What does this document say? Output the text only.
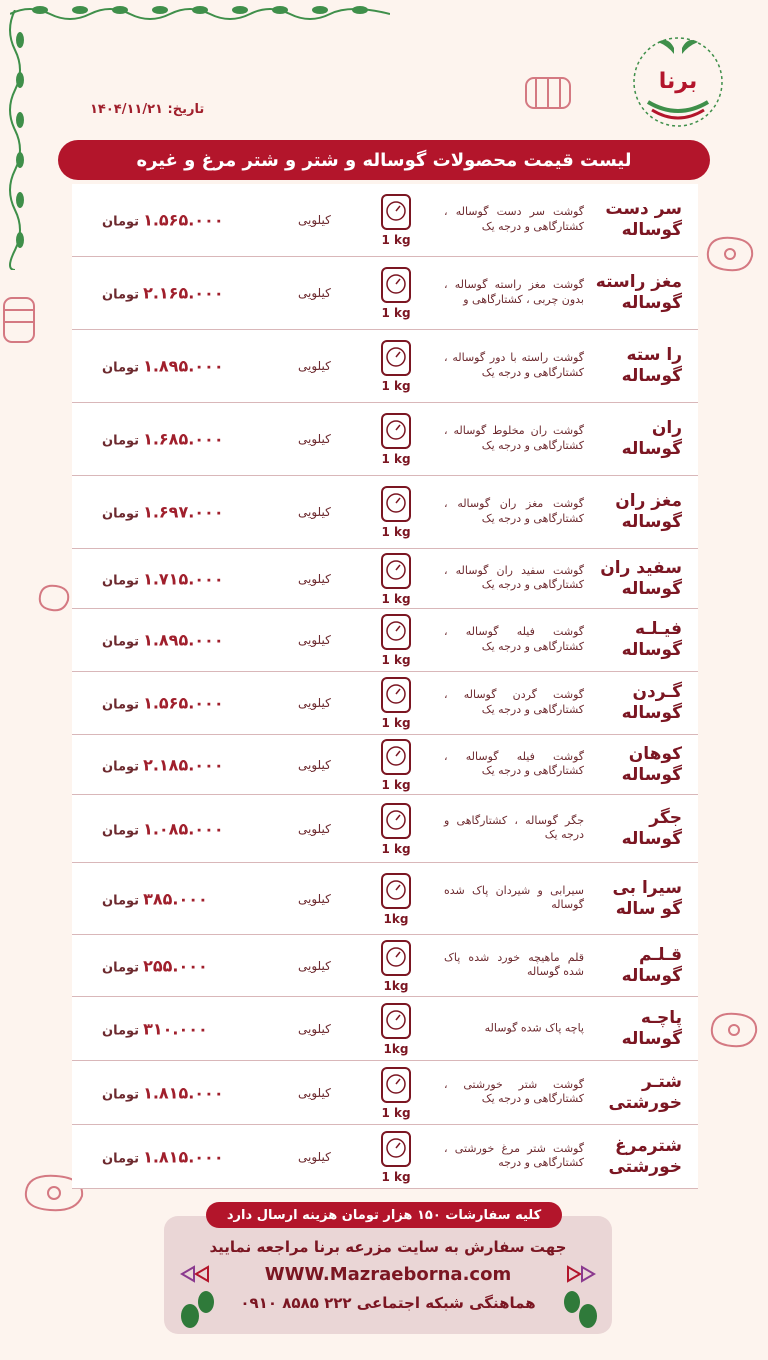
برنا
تاریخ: ۱۴۰۴/۱۱/۲۱
لیست قیمت محصولات گوساله و شتر و شتر مرغ و غیره
سر دست
گوساله
گوشت سر دست گوساله ، کشتارگاهی و درجه یک
1 kg
کیلویی
۱.۵۶۵.۰۰۰تومان
مغز راسته
گوساله
گوشت مغز راسته گوساله ، بدون چربی ، کشتارگاهی و
1 kg
کیلویی
۲.۱۶۵.۰۰۰تومان
را سته
گوساله
گوشت راسته با دور گوساله ، کشتارگاهی و درجه یک
1 kg
کیلویی
۱.۸۹۵.۰۰۰تومان
ران
گوساله
گوشت ران مخلوط گوساله ، کشتارگاهی و درجه یک
1 kg
کیلویی
۱.۶۸۵.۰۰۰تومان
مغز ران
گوساله
گوشت مغز ران گوساله ، کشتارگاهی و درجه یک
1 kg
کیلویی
۱.۶۹۷.۰۰۰تومان
سفید ران
گوساله
گوشت سفید ران گوساله ، کشتارگاهی و درجه یک
1 kg
کیلویی
۱.۷۱۵.۰۰۰تومان
فیـلـه
گوساله
گوشت فیله گوساله ، کشتارگاهی و درجه یک
1 kg
کیلویی
۱.۸۹۵.۰۰۰تومان
گـردن
گوساله
گوشت گردن گوساله ، کشتارگاهی و درجه یک
1 kg
کیلویی
۱.۵۶۵.۰۰۰تومان
کوهان
گوساله
گوشت فیله گوساله ، کشتارگاهی و درجه یک
1 kg
کیلویی
۲.۱۸۵.۰۰۰تومان
جگر
گوساله
جگر گوساله ، کشتارگاهی و درجه یک
1 kg
کیلویی
۱.۰۸۵.۰۰۰تومان
سیرا بی
گو ساله
سیرابی و شیردان پاک شده گوساله
1kg
کیلویی
۳۸۵.۰۰۰تومان
قـلـم
گوساله
قلم ماهیچه خورد شده پاک شده گوساله
1kg
کیلویی
۲۵۵.۰۰۰تومان
پاچـه
گوساله
پاچه پاک شده گوساله
1kg
کیلویی
۳۱۰.۰۰۰تومان
شتـر
خورشتی
گوشت شتر خورشتی ، کشتارگاهی و درجه یک
1 kg
کیلویی
۱.۸۱۵.۰۰۰تومان
شترمرغ
خورشتی
گوشت شتر مرغ خورشتی ، کشتارگاهی و درجه
1 kg
کیلویی
۱.۸۱۵.۰۰۰تومان
جهت سفارش به سایت مزرعه برنا مراجعه نمایید
WWW.Mazraeborna.com
هماهنگی شبکه اجتماعی ۲۲۲ ۸۵۸۵ ۰۹۱۰
کلیه سفارشات ۱۵۰ هزار تومان هزینه ارسال دارد
